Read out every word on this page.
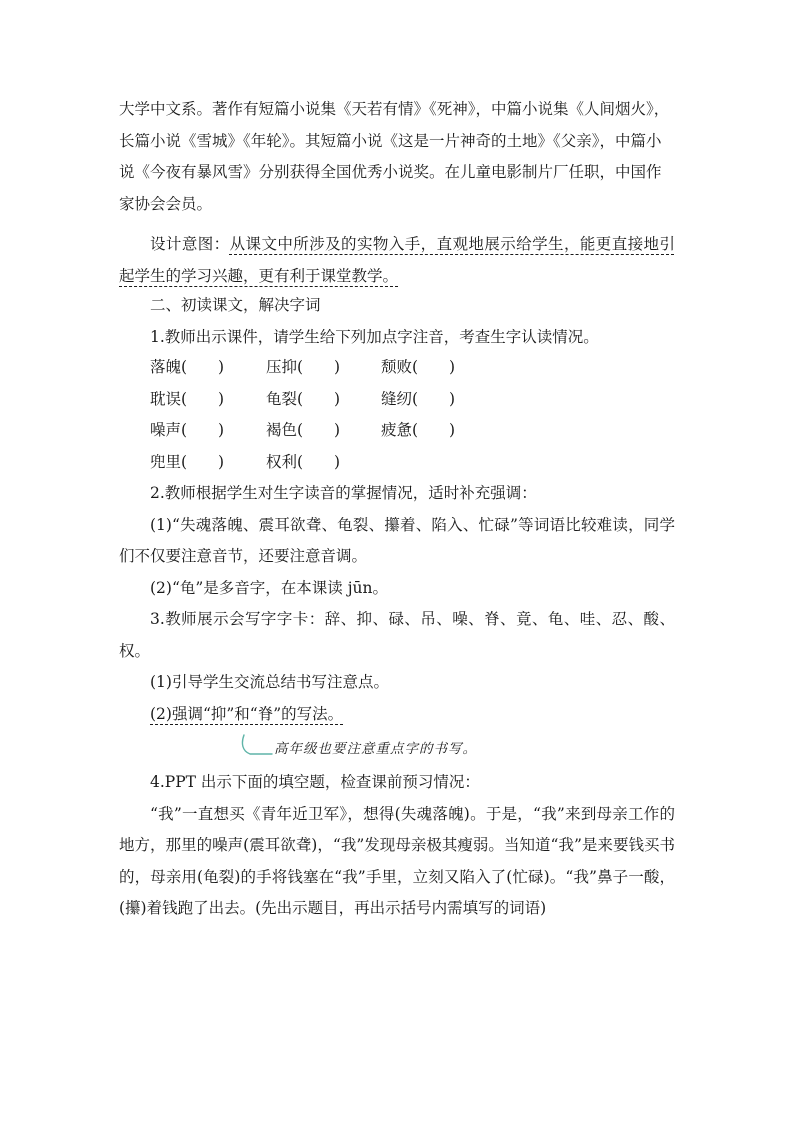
大学中文系。著作有短篇小说集《天若有情》《死神》，中篇小说集《人间烟火》，

长篇小说《雪城》《年轮》。其短篇小说《这是一片神奇的土地》《父亲》，中篇小

说《今夜有暴风雪》分别获得全国优秀小说奖。在儿童电影制片厂任职，中国作

家协会会员。

设计意图：从课文中所涉及的实物入手，直观地展示给学生，能更直接地引起学生的学习兴趣，更有利于课堂教学。

二、初读课文，解决字词

1.教师出示课件，请学生给下列加点字注音，考查生字认读情况。

落魄(　　)	压抑(　　)	颓败(　　)
耽误(　　)	龟裂(　　)	缝纫(　　)
噪声(　　)	褐色(　　)	疲惫(　　)
兜里(　　)	权利(　　)

2.教师根据学生对生字读音的掌握情况，适时补充强调：

(1)“失魂落魄、震耳欲聋、龟裂、攥着、陷入、忙碌”等词语比较难读，同学们不仅要注意音节，还要注意音调。

(2)“龟”是多音字，在本课读 jūn。

3.教师展示会写字字卡：辞、抑、碌、吊、噪、脊、竟、龟、哇、忍、酸、权。

(1)引导学生交流总结书写注意点。

(2)强调“抑”和“脊”的写法。

高年级也要注意重点字的书写。

4.PPT 出示下面的填空题，检查课前预习情况：

“我”一直想买《青年近卫军》，想得(失魂落魄)。于是，“我”来到母亲工作的地方，那里的噪声(震耳欲聋)，“我”发现母亲极其瘦弱。当知道“我”是来要钱买书的，母亲用(龟裂)的手将钱塞在“我”手里，立刻又陷入了(忙碌)。“我”鼻子一酸，(攥)着钱跑了出去。(先出示题目，再出示括号内需填写的词语)
